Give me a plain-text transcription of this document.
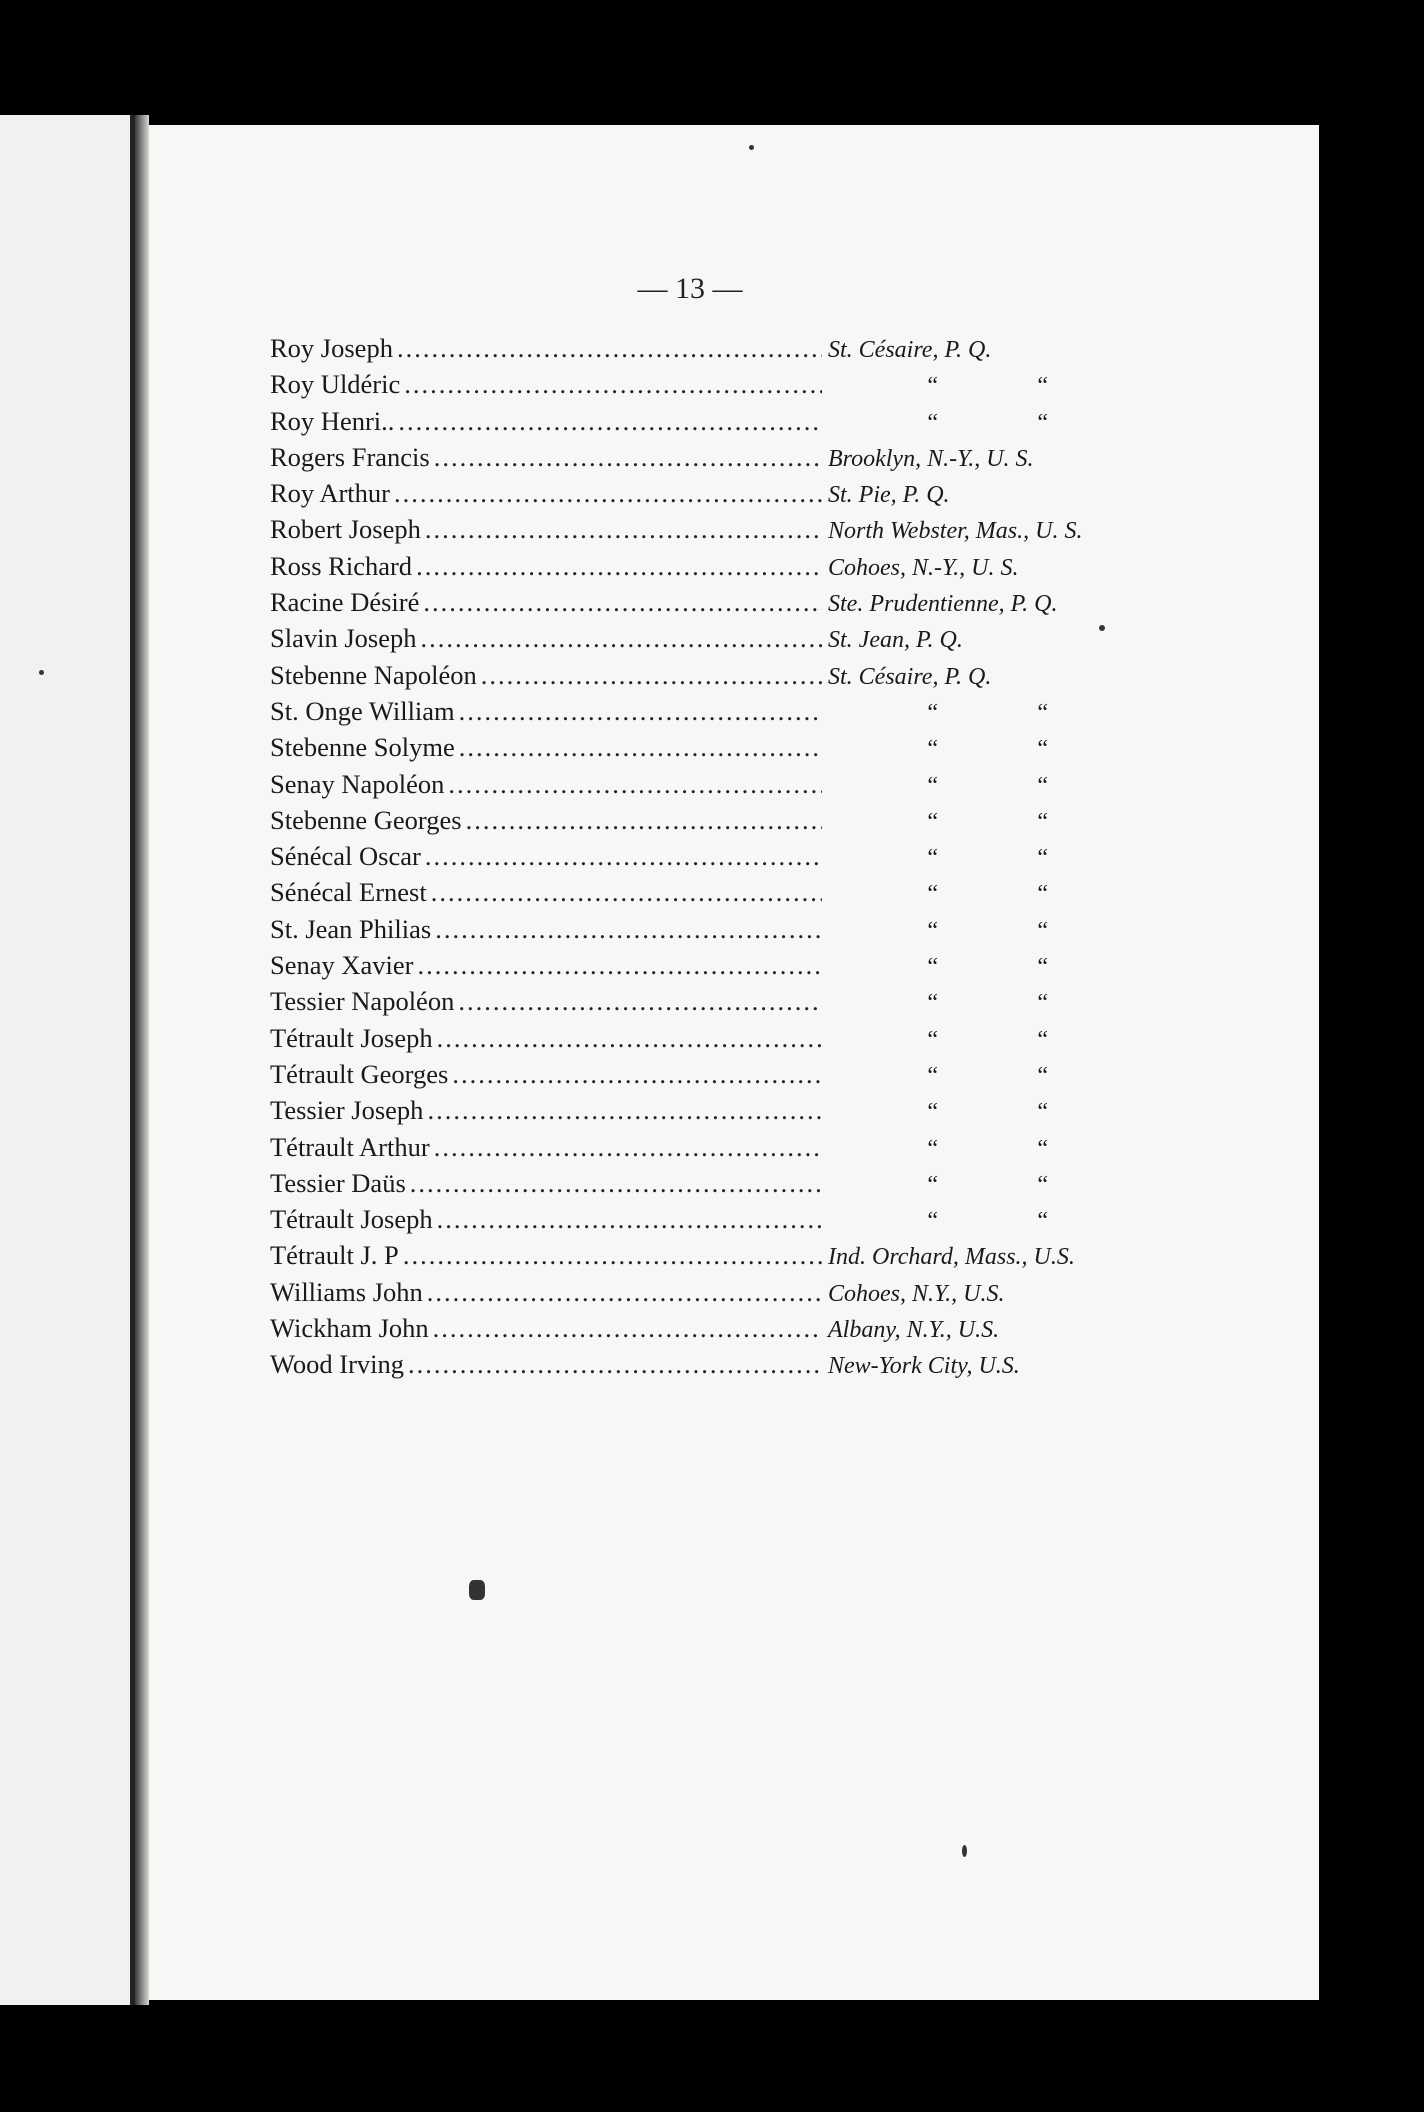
— 13 —
Roy Joseph .....	St. Césaire, P. Q.
Roy Uldéric .....	“	“
Roy Henri.. .....	“	“
Rogers Francis .....	Brooklyn, N.-Y., U. S.
Roy Arthur .....	St. Pie, P. Q.
Robert Joseph .....	North Webster, Mas., U. S.
Ross Richard .....	Cohoes, N.-Y., U. S.
Racine Désiré .....	Ste. Prudentienne, P. Q.
Slavin Joseph .....	St. Jean, P. Q.
Stebenne Napoléon .....	St. Césaire, P. Q.
St. Onge William .....	“	“
Stebenne Solyme .....	“	“
Senay Napoléon .....	“	“
Stebenne Georges .....	“	“
Sénécal Oscar .....	“	“
Sénécal Ernest .....	“	“
St. Jean Philias .....	“	“
Senay Xavier .....	“	“
Tessier Napoléon .....	“	“
Tétrault Joseph .....	“	“
Tétrault Georges .....	“	“
Tessier Joseph .....	“	“
Tétrault Arthur .....	“	“
Tessier Daüs .....	“	“
Tétrault Joseph .....	“	“
Tétrault J. P .....	Ind. Orchard, Mass., U.S.
Williams John .....	Cohoes, N.Y., U.S.
Wickham John .....	Albany, N.Y., U.S.
Wood Irving .....	New-York City, U.S.
